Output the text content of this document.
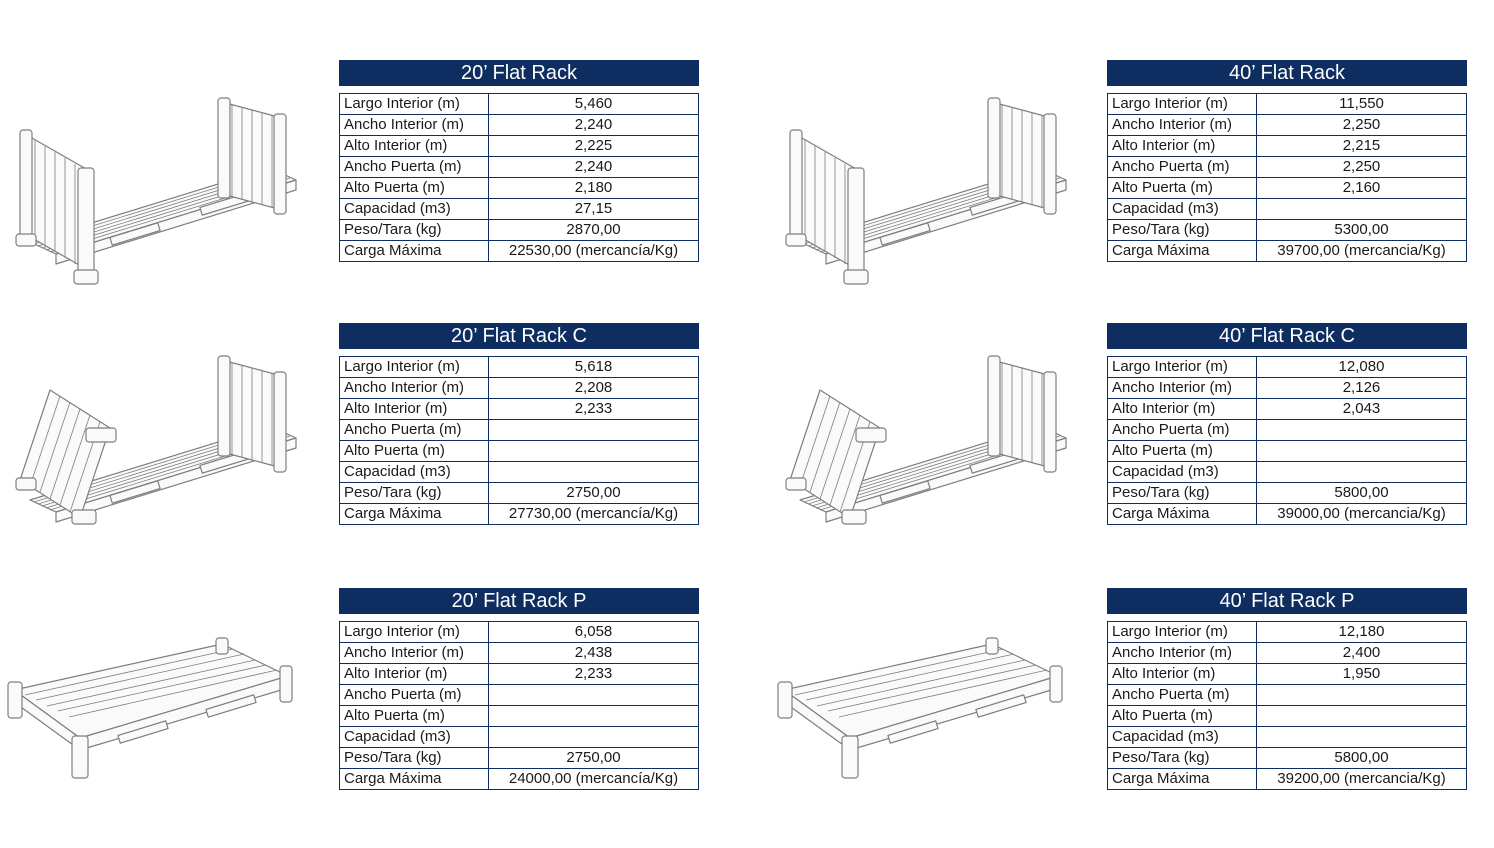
20’ Flat Rack
Largo Interior (m)	5,460
Ancho Interior (m)	2,240
Alto Interior (m)	2,225
Ancho Puerta (m)	2,240
Alto Puerta (m)	2,180
Capacidad (m3)	27,15
Peso/Tara (kg)	2870,00
Carga Máxima	22530,00 (mercancía/Kg)
40’ Flat Rack
Largo Interior (m)	11,550
Ancho Interior (m)	2,250
Alto Interior (m)	2,215
Ancho Puerta (m)	2,250
Alto Puerta (m)	2,160
Capacidad (m3)	
Peso/Tara (kg)	5300,00
Carga Máxima	39700,00 (mercancia/Kg)
20’ Flat Rack C
Largo Interior (m)	5,618
Ancho Interior (m)	2,208
Alto Interior (m)	2,233
Ancho Puerta (m)	
Alto Puerta (m)	
Capacidad (m3)	
Peso/Tara (kg)	2750,00
Carga Máxima	27730,00 (mercancía/Kg)
40’ Flat Rack C
Largo Interior (m)	12,080
Ancho Interior (m)	2,126
Alto Interior (m)	2,043
Ancho Puerta (m)	
Alto Puerta (m)	
Capacidad (m3)	
Peso/Tara (kg)	5800,00
Carga Máxima	39000,00 (mercancia/Kg)
20’ Flat Rack P
Largo Interior (m)	6,058
Ancho Interior (m)	2,438
Alto Interior (m)	2,233
Ancho Puerta (m)	
Alto Puerta (m)	
Capacidad (m3)	
Peso/Tara (kg)	2750,00
Carga Máxima	24000,00 (mercancía/Kg)
40’ Flat Rack P
Largo Interior (m)	12,180
Ancho Interior (m)	2,400
Alto Interior (m)	1,950
Ancho Puerta (m)	
Alto Puerta (m)	
Capacidad (m3)	
Peso/Tara (kg)	5800,00
Carga Máxima	39200,00 (mercancia/Kg)
